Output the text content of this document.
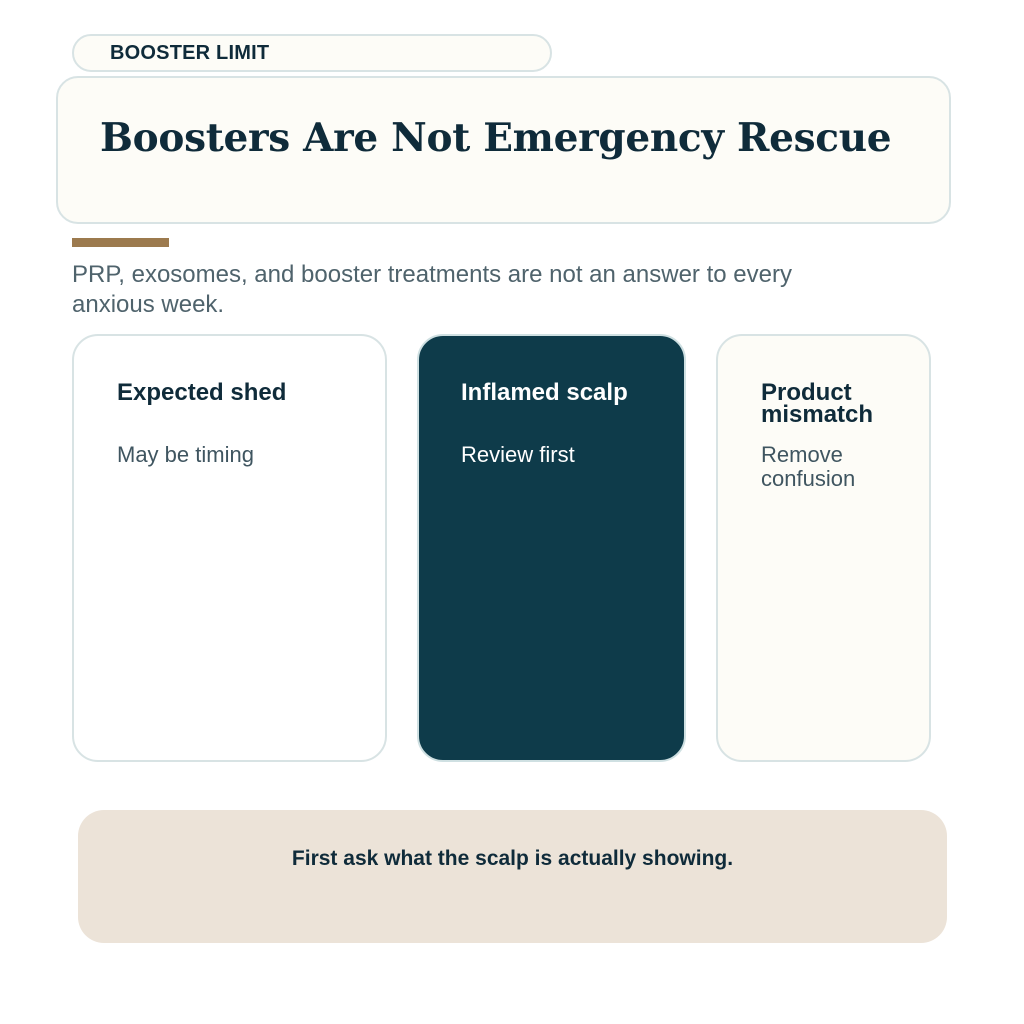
BOOSTER LIMIT
Boosters Are Not Emergency Rescue

PRP, exosomes, and booster treatments are not an answer to every anxious week.

Expected shed

May be timing

Inflamed scalp

Review first

Product mismatch

Remove confusion

First ask what the scalp is actually showing.
